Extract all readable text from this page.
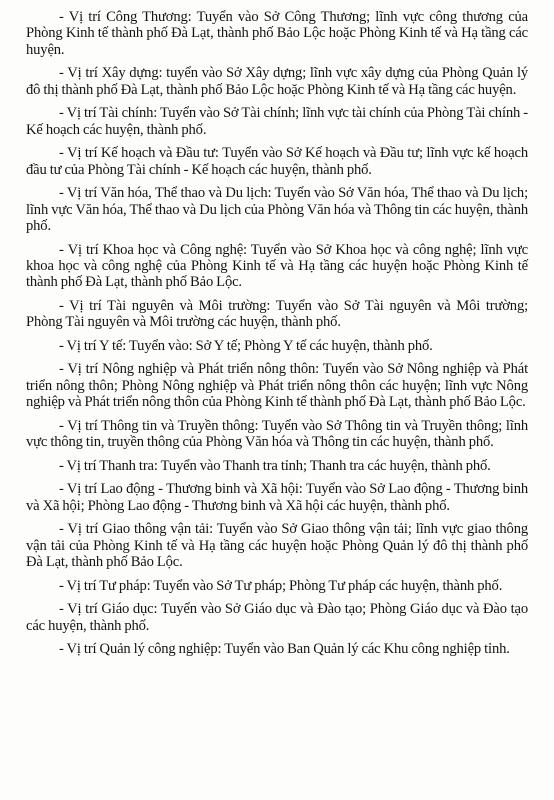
- Vị trí Công Thương: Tuyển vào Sở Công Thương; lĩnh vực công thương của Phòng Kinh tế thành phố Đà Lạt, thành phố Bảo Lộc hoặc Phòng Kinh tế và Hạ tầng các huyện.

- Vị trí Xây dựng: tuyển vào Sở Xây dựng; lĩnh vực xây dựng của Phòng Quản lý đô thị thành phố Đà Lạt, thành phố Bảo Lộc hoặc Phòng Kinh tế và Hạ tầng các huyện.

- Vị trí Tài chính: Tuyển vào Sở Tài chính; lĩnh vực tài chính của Phòng Tài chính - Kế hoạch các huyện, thành phố.

- Vị trí Kế hoạch và Đầu tư: Tuyển vào Sở Kế hoạch và Đầu tư; lĩnh vực kế hoạch đầu tư của Phòng Tài chính - Kế hoạch các huyện, thành phố.

- Vị trí Văn hóa, Thể thao và Du lịch: Tuyển vào Sở Văn hóa, Thể thao và Du lịch; lĩnh vực Văn hóa, Thể thao và Du lịch của Phòng Văn hóa và Thông tin các huyện, thành phố.

- Vị trí Khoa học và Công nghệ: Tuyển vào Sở Khoa học và công nghệ; lĩnh vực khoa học và công nghệ của Phòng Kinh tế và Hạ tầng các huyện hoặc Phòng Kinh tế thành phố Đà Lạt, thành phố Bảo Lộc.

- Vị trí Tài nguyên và Môi trường: Tuyển vào Sở Tài nguyên và Môi trường; Phòng Tài nguyên và Môi trường các huyện, thành phố.

- Vị trí Y tế: Tuyển vào: Sở Y tế; Phòng Y tế các huyện, thành phố.

- Vị trí Nông nghiệp và Phát triển nông thôn: Tuyển vào Sở Nông nghiệp và Phát triển nông thôn; Phòng Nông nghiệp và Phát triển nông thôn các huyện; lĩnh vực Nông nghiệp và Phát triển nông thôn của Phòng Kinh tế thành phố Đà Lạt, thành phố Bảo Lộc.

- Vị trí Thông tin và Truyền thông: Tuyển vào Sở Thông tin và Truyền thông; lĩnh vực thông tin, truyền thông của Phòng Văn hóa và Thông tin các huyện, thành phố.

- Vị trí Thanh tra: Tuyển vào Thanh tra tỉnh; Thanh tra các huyện, thành phố.

- Vị trí Lao động - Thương binh và Xã hội: Tuyển vào Sở Lao động - Thương binh và Xã hội; Phòng Lao động - Thương binh và Xã hội các huyện, thành phố.

- Vị trí Giao thông vận tải: Tuyển vào Sở Giao thông vận tải; lĩnh vực giao thông vận tải của Phòng Kinh tế và Hạ tầng các huyện hoặc Phòng Quản lý đô thị thành phố Đà Lạt, thành phố Bảo Lộc.

- Vị trí Tư pháp: Tuyển vào Sở Tư pháp; Phòng Tư pháp các huyện, thành phố.

- Vị trí Giáo dục: Tuyển vào Sở Giáo dục và Đào tạo; Phòng Giáo dục và Đào tạo các huyện, thành phố.

- Vị trí Quản lý công nghiệp: Tuyển vào Ban Quản lý các Khu công nghiệp tỉnh.
